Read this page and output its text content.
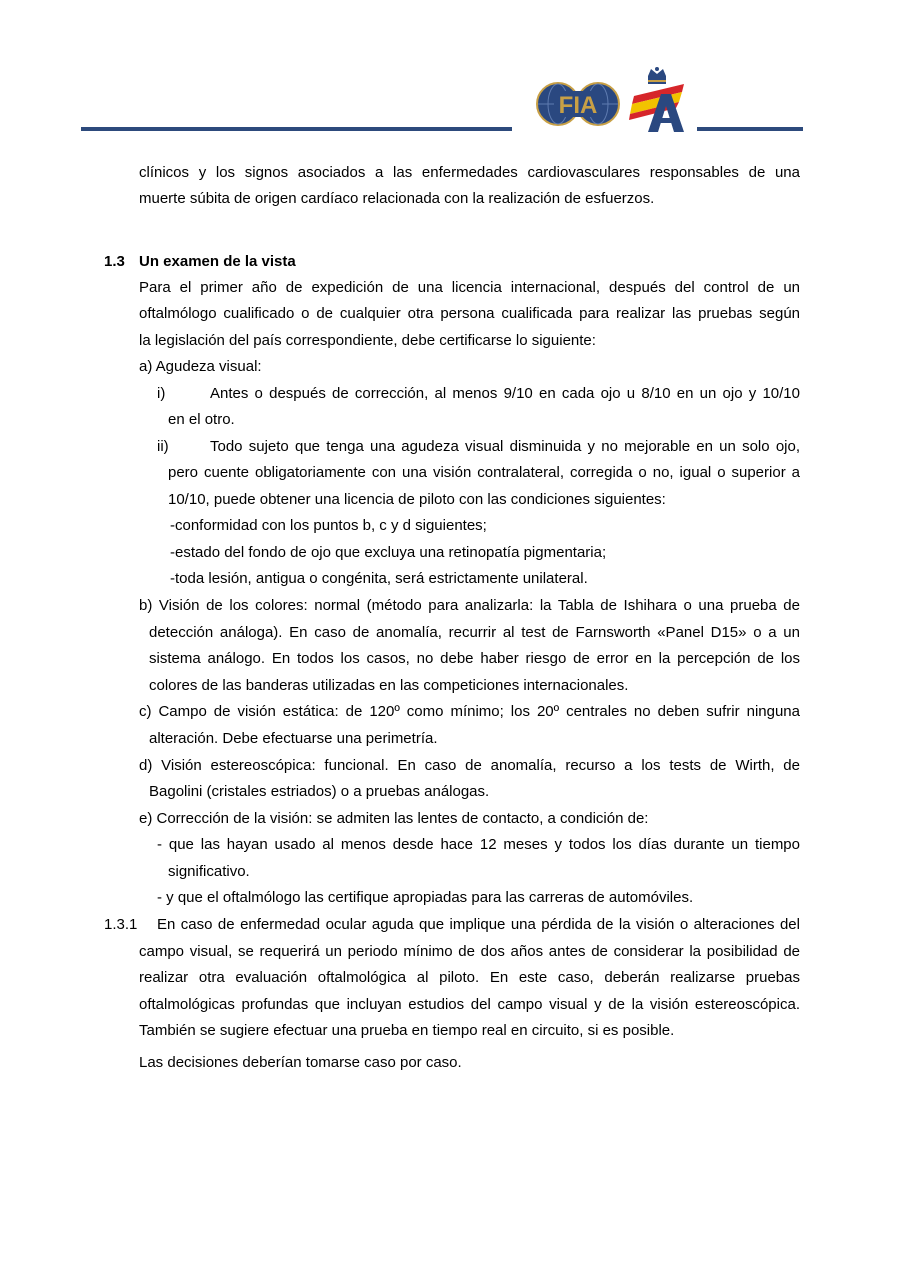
FIA

clínicos y los signos asociados a las enfermedades cardiovasculares responsables de una

muerte súbita de origen cardíaco relacionada con la realización de esfuerzos.

1.3 Un examen de la vista

Para el primer año de expedición de una licencia internacional, después del control de un

oftalmólogo cualificado o de cualquier otra persona cualificada para realizar las pruebas según

la legislación del país correspondiente, debe certificarse lo siguiente:

a) Agudeza visual:

i)	Antes o después de corrección, al menos 9/10 en cada ojo u 8/10 en un ojo y 10/10

en el otro.

ii)	Todo sujeto que tenga una agudeza visual disminuida y no mejorable en un solo ojo,

pero cuente obligatoriamente con una visión contralateral, corregida o no, igual o superior a

10/10, puede obtener una licencia de piloto con las condiciones siguientes:

-conformidad con los puntos b, c y d siguientes;

-estado del fondo de ojo que excluya una retinopatía pigmentaria;

-toda lesión, antigua o congénita, será estrictamente unilateral.

b) Visión de los colores: normal (método para analizarla: la Tabla de Ishihara o una prueba de

detección análoga). En caso de anomalía, recurrir al test de Farnsworth «Panel D15» o a un

sistema análogo. En todos los casos, no debe haber riesgo de error en la percepción de los

colores de las banderas utilizadas en las competiciones internacionales.

c) Campo de visión estática: de 120º como mínimo; los 20º centrales no deben sufrir ninguna

alteración. Debe efectuarse una perimetría.

d) Visión estereoscópica: funcional. En caso de anomalía, recurso a los tests de Wirth, de

Bagolini (cristales estriados) o a pruebas análogas.

e) Corrección de la visión: se admiten las lentes de contacto, a condición de:

- que las hayan usado al menos desde hace 12 meses y todos los días durante un tiempo

significativo.

- y que el oftalmólogo las certifique apropiadas para las carreras de automóviles.

1.3.1 En caso de enfermedad ocular aguda que implique una pérdida de la visión o alteraciones del

campo visual, se requerirá un periodo mínimo de dos años antes de considerar la posibilidad de

realizar otra evaluación oftalmológica al piloto. En este caso, deberán realizarse pruebas

oftalmológicas profundas que incluyan estudios del campo visual y de la visión estereoscópica.

También se sugiere efectuar una prueba en tiempo real en circuito, si es posible.

Las decisiones deberían tomarse caso por caso.
